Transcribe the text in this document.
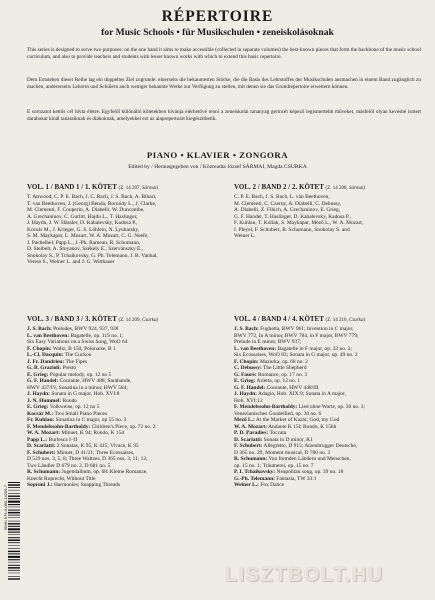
RÉPERTOIRE
for Music Schools • für Musikschulen • zeneiskolásoknak

This series is designed to serve two purposes: on the one hand it aims to make accessible (collected in separate volumes) the best-known pieces that form the backbone of the music school curriculum, and also to provide teachers and students with lesser known works with which to extend this basic repertoire.

Dem Entstehen dieser Reihe lag ein doppeltes Ziel zugrunde: einerseits die bekanntesten Stücke, die die Basis des Lehrstoffes der Musikschulen ausmachen in einem Band zugänglich zu machen, andererseits Lehrern und Schülern auch weniger bekannte Werke zur Verfügung zu stellen, mit denen sie das Grundrepertoire erweitern können.

E sorozatot kettős cél hívta életre. Egyfelől különálló kötetekben kívánja elérhetővé tenni a zeneiskolai tananyag gerincét képező legismertebb műveket, másfelől olyan kevésbé ismert darabokat kínál tanáraiknak és diákoknak, amelyekkel ezt az alaprepertoárt kiegészíthetik.

PIANO • KLAVIER • ZONGORA
Edited by / Herausgegeben von / Közreadta József SÁRMAI, Magda CSURKA
VOL. 1 / BAND 1 / 1. KÖTET (Z. 14 207, Sármai)
T. Attwood, C. P. E. Bach, J. C. Bach, J. S. Bach, A. Bihari,
T. van Beethoven, J. (Georg) Benda, Bornódy L., J. Clarke,
M. Clementi, F. Couperin, A. Diabelli, W. Duncombe,
A. Grechaninov, C. Gurlitt, Hajdu L., T. Haslinger,
J. Haydn, J. W. Hässler, D. Kabalevsky, Kadosa P.,
Kocsár M., J. Krieger, G. S. Löhlein, N. Lyubarsky,
S. M. Maykapar, L. Mozart, W. A. Mozart, C. G. Neefe,
J. Pachelbel, Papp L., J.-Ph. Rameau, R. Schumann,
D. Steibelt, A. Stoyanov, Székely E., Szervánszky E.,
Snokolay S., P. Tchaikovsky, G. Ph. Telemann, J. B. Vanhal,
Veress S., Weiner L. and J. G. Witthauer
VOL. 2 / BAND 2 / 2. KÖTET (Z. 14 208, Sármai)
C. P. E. Bach, J. S. Bach, L. van Beethoven,
M. Clementi, C. Czerny, A. Diabelli, C. Debussy,
A. Diabelli, Z. Fibich, A. Grechaninov, E. Grieg,
G. F. Handel, T. Haslinger, D. Kabalevsky, Kadosa P.,
F. Kuhlau, T. Kullak, S. Maykapar, Mező L., W. A. Mozart,
I. Pleyel, F. Schubert, R. Schumann, Snokolay S. and
Weiner L.
VOL. 3 / BAND 3 / 3. KÖTET (Z. 14 209, Csurka)
J. S. Bach: Preludes, BWV 924, 937, 938
L. van Beethoven: Bagatelle, op. 119 no. 1;
Six Easy Variations on a Swiss Song, WoO 64
F. Chopin: Waltz, B 150; Polonaise, B 1
L.-Cl. Dacquin: The Cuckoo
J. Fr. Dandrieu: The Fipes
G. B. Grazioli: Presto
E. Grieg: Popular melody, op. 12 no 5
G. F. Handel: Courante, HWV 488; Sarabande,
HWV 437/IV, Sonatina in a minor, HWV 584;
J. Haydn: Sonata in G major, Hob. XVI:8
J. N. Hummel: Rondo
E. Grieg: Volkweise, op. 12 no 5
Kocsár M.: Two Small Piano Pieces
Fr. Kuhlau: Sonatina in C major, op 55 no. 3
F. Mendelssohn-Bartholdy: Children's Piece, op. 72 no. 2
W. A. Mozart: Minuet, K 94; Rondo, K 15d
Papp L.: Burlesca I–II
D. Scarlatti: 2 Sonatas, K 95, K 415; Vivace, K 95
F. Schubert: Minuet, D 41/21; Three Ecossaises,
D 529 nos. 3, 5, 8; Three Waltzes, D 365 nos. 3, 11, 12;
Two Ländler D 679 no. 2, D 681 no. 5
R. Schumann: Jugendalbum, op. 68: Kleine Romanze,
Knecht Ruprecht, Without Title
Soproni J.: Harmonies; Snapping Threads
VOL. 4 / BAND 4 / 4. KÖTET (Z. 14 210, Csurka)
J. S. Bach: Fughetta, BWV 961; Invention in C major,
BWV 772, In A minor, BWV 784, in F major, BWV 779;
Prelude in E minor, BWV 937;
L. van Beethoven: Bagatelle in F major, op. 33 no. 3;
Six Ecossaises, WoO 83; Sonata in G major, op. 49 no. 2
F. Chopin: Mazurka, op. 68 no. 2
C. Debussy: The Little Shepherd
G. Fauré: Romance, op. 17 no. 3
E. Grieg: Arietta, op. 12 no. 1
G. F. Handel: Courante, HWV 448/III
J. Haydn: Adagio, Hob. XIX:9; Sonata in A major,
Hob. XVI:12
F. Mendelssohn-Bartholdy: Lied ohne Worte, op. 30 no. 3;
Venezianisches Gondellied, op. 30 no. 6
Mező L.: At the Market of Kazár; God, my God
W. A. Mozart: Andante K 15l; Rondo, K 15hh
P. D. Paradies: Toccata
D. Scarlatti: Sonata in D minor, K1
F. Schubert: Allegretto, D 915; Atzenbrugger Deutsche,
D 365 no. 29, Moment musical, D 780 no. 3
R. Schumann: Von fremden Ländern und Menschen,
op. 15 no. 1; Träumerei, op. 15 no. 7
P. I. Tchaikovsky: Neapolitan song, op. 39 no. 18
G.-Ph. Telemann: Fantasia, TW 33:1
Weiner L.: Fox Dance
ISMN 979-0-080-14209-7
LISZTBOLT.HU
